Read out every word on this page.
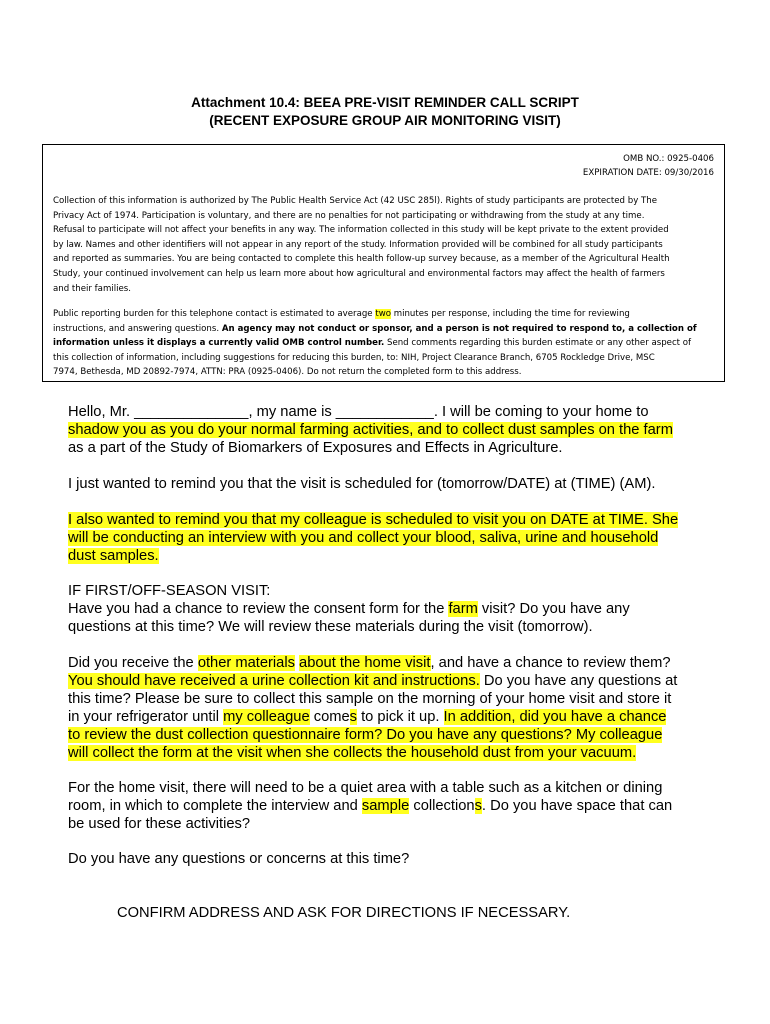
Attachment 10.4: BEEA PRE-VISIT REMINDER CALL SCRIPT
(RECENT EXPOSURE GROUP AIR MONITORING VISIT)
OMB NO.: 0925-0406
EXPIRATION DATE: 09/30/2016
Collection of this information is authorized by The Public Health Service Act (42 USC 285l). Rights of study participants are protected by The
Privacy Act of 1974. Participation is voluntary, and there are no penalties for not participating or withdrawing from the study at any time.
Refusal to participate will not affect your benefits in any way. The information collected in this study will be kept private to the extent provided
by law. Names and other identifiers will not appear in any report of the study. Information provided will be combined for all study participants
and reported as summaries. You are being contacted to complete this health follow-up survey because, as a member of the Agricultural Health
Study, your continued involvement can help us learn more about how agricultural and environmental factors may affect the health of farmers
and their families.
Public reporting burden for this telephone contact is estimated to average two minutes per response, including the time for reviewing
instructions, and answering questions. An agency may not conduct or sponsor, and a person is not required to respond to, a collection of
information unless it displays a currently valid OMB control number. Send comments regarding this burden estimate or any other aspect of
this collection of information, including suggestions for reducing this burden, to: NIH, Project Clearance Branch, 6705 Rockledge Drive, MSC
7974, Bethesda, MD 20892-7974, ATTN: PRA (0925-0406). Do not return the completed form to this address.
Hello, Mr. ______________, my name is ____________. I will be coming to your home to
shadow you as you do your normal farming activities, and to collect dust samples on the farm
as a part of the Study of Biomarkers of Exposures and Effects in Agriculture.
I just wanted to remind you that the visit is scheduled for (tomorrow/DATE) at (TIME) (AM).
I also wanted to remind you that my colleague is scheduled to visit you on DATE at TIME. She
will be conducting an interview with you and collect your blood, saliva, urine and household
dust samples.
IF FIRST/OFF-SEASON VISIT:
Have you had a chance to review the consent form for the farm visit? Do you have any
questions at this time? We will review these materials during the visit (tomorrow).
Did you receive the other materials about the home visit, and have a chance to review them?
You should have received a urine collection kit and instructions. Do you have any questions at
this time? Please be sure to collect this sample on the morning of your home visit and store it
in your refrigerator until my colleague comes to pick it up. In addition, did you have a chance
to review the dust collection questionnaire form? Do you have any questions? My colleague
will collect the form at the visit when she collects the household dust from your vacuum.
For the home visit, there will need to be a quiet area with a table such as a kitchen or dining
room, in which to complete the interview and sample collections. Do you have space that can
be used for these activities?
Do you have any questions or concerns at this time?
CONFIRM ADDRESS AND ASK FOR DIRECTIONS IF NECESSARY.
